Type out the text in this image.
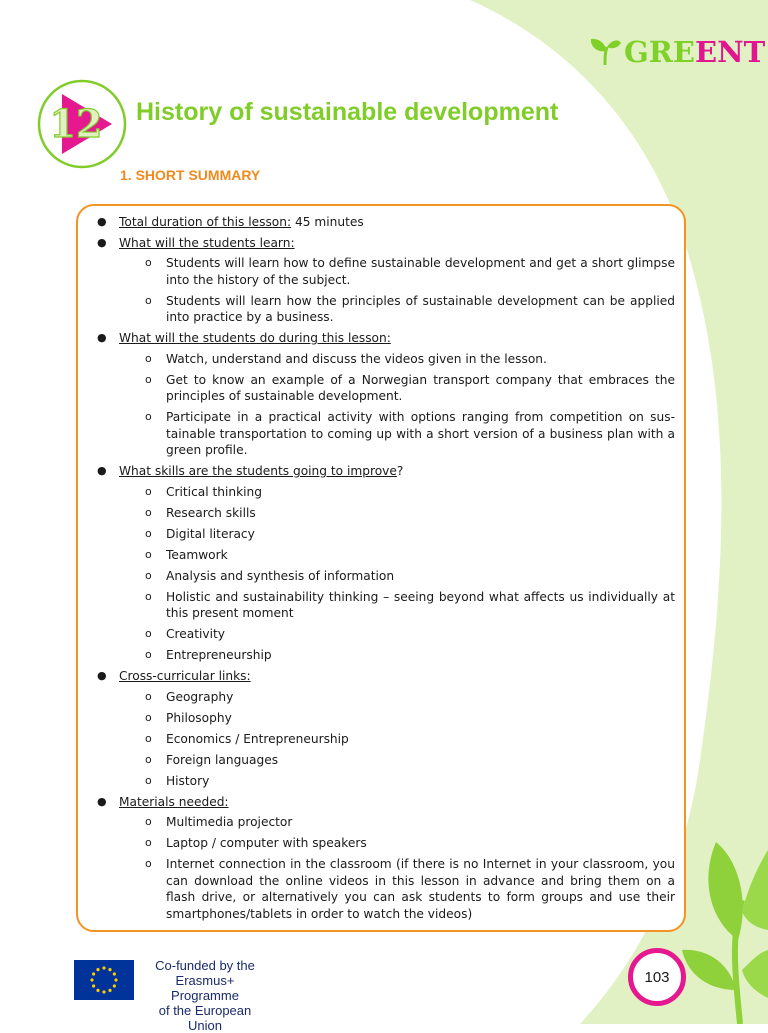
GREENT
12 History of sustainable development
1. SHORT SUMMARY
● Total duration of this lesson: 45 minutes
● What will the students learn:
o Students will learn how to define sustainable development and get a short glimpse into the history of the subject.
o Students will learn how the principles of sustainable development can be applied into practice by a business.
● What will the students do during this lesson:
o Watch, understand and discuss the videos given in the lesson.
o Get to know an example of a Norwegian transport company that embraces the principles of sustainable development.
o Participate in a practical activity with options ranging from competition on sus-tainable transportation to coming up with a short version of a business plan with a green profile.
● What skills are the students going to improve?
o Critical thinking
o Research skills
o Digital literacy
o Teamwork
o Analysis and synthesis of information
o Holistic and sustainability thinking – seeing beyond what affects us individually at this present moment
o Creativity
o Entrepreneurship
● Cross-curricular links:
o Geography
o Philosophy
o Economics / Entrepreneurship
o Foreign languages
o History
● Materials needed:
o Multimedia projector
o Laptop / computer with speakers
o Internet connection in the classroom (if there is no Internet in your classroom, you can download the online videos in this lesson in advance and bring them on a flash drive, or alternatively you can ask students to form groups and use their smartphones/tablets in order to watch the videos)
Co-funded by the
Erasmus+ Programme
of the European Union
103
